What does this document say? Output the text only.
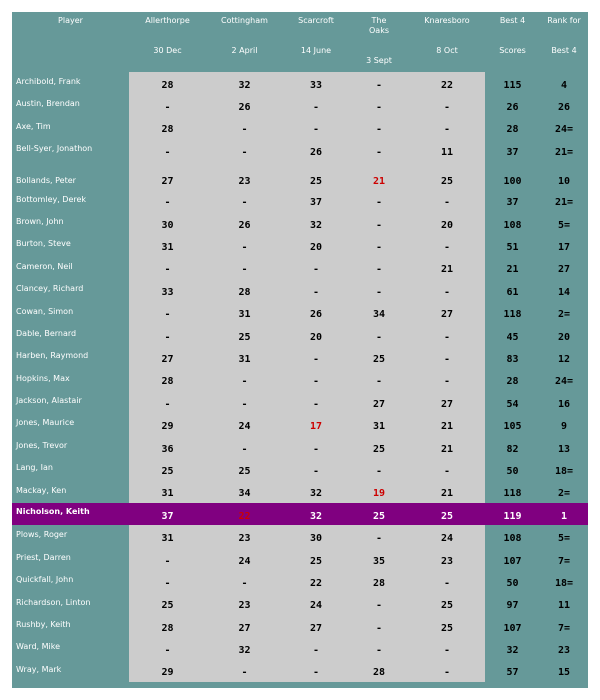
Player	Allerthorpe	Cottingham	Scarcroft	The Oaks	Knaresboro	Best 4	Rank for
	30 Dec	2 April	14 June	3 Sept	8 Oct	Scores	Best 4
Archibold, Frank	28	32	33	-	22	115	4
Austin, Brendan	-	26	-	-	-	26	26
Axe, Tim	28	-	-	-	-	28	24=
Bell-Syer, Jonathon	-	-	26	-	11	37	21=
Bollands, Peter	27	23	25	21	25	100	10
Bottomley, Derek	-	-	37	-	-	37	21=
Brown, John	30	26	32	-	20	108	5=
Burton, Steve	31	-	20	-	-	51	17
Cameron, Neil	-	-	-	-	21	21	27
Clancey, Richard	33	28	-	-	-	61	14
Cowan, Simon	-	31	26	34	27	118	2=
Dable, Bernard	-	25	20	-	-	45	20
Harben, Raymond	27	31	-	25	-	83	12
Hopkins, Max	28	-	-	-	-	28	24=
Jackson, Alastair	-	-	-	27	27	54	16
Jones, Maurice	29	24	17	31	21	105	9
Jones, Trevor	36	-	-	25	21	82	13
Lang, Ian	25	25	-	-	-	50	18=
Mackay, Ken	31	34	32	19	21	118	2=
Nicholson, Keith	37	22	32	25	25	119	1
Plows, Roger	31	23	30	-	24	108	5=
Priest, Darren	-	24	25	35	23	107	7=
Quickfall, John	-	-	22	28	-	50	18=
Richardson, Linton	25	23	24	-	25	97	11
Rushby, Keith	28	27	27	-	25	107	7=
Ward, Mike	-	32	-	-	-	32	23
Wray, Mark	29	-	-	28	-	57	15
